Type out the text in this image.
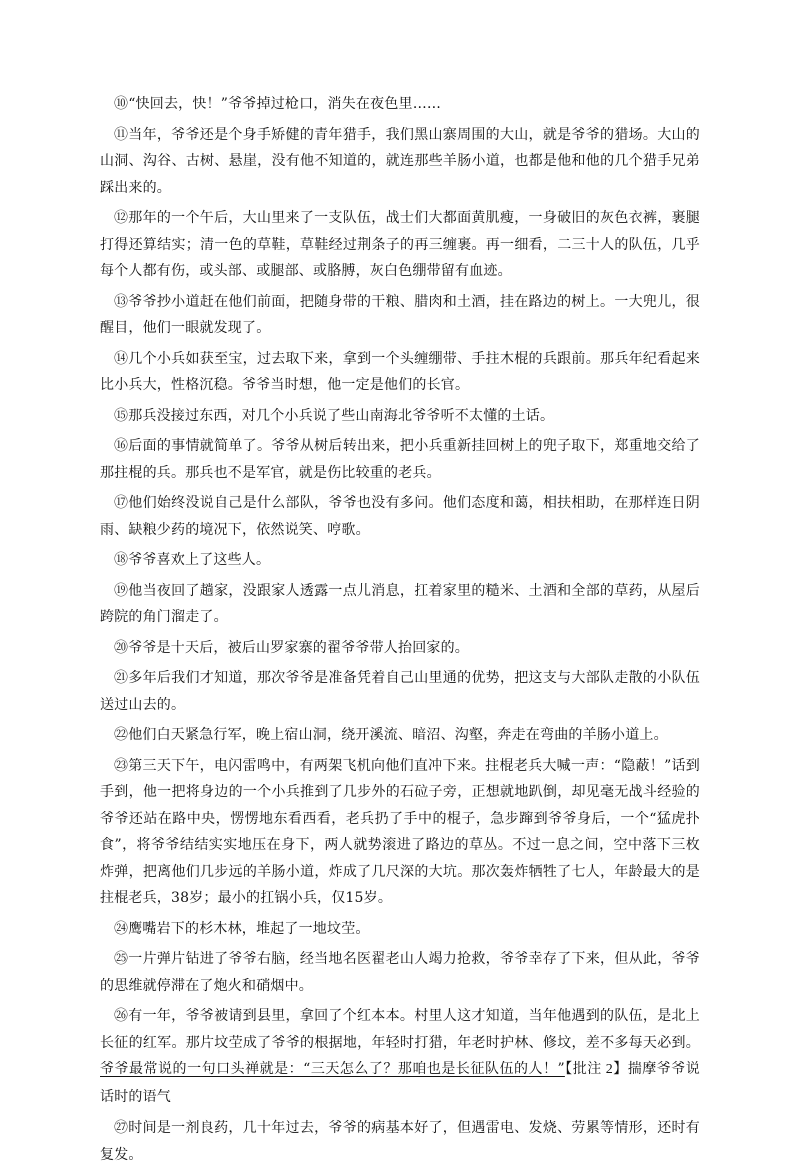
⑩“快回去，快！”爷爷掉过枪口，消失在夜色里……

⑪当年，爷爷还是个身手矫健的青年猎手，我们黑山寨周围的大山，就是爷爷的猎场。大山的山洞、沟谷、古树、悬崖，没有他不知道的，就连那些羊肠小道，也都是他和他的几个猎手兄弟踩出来的。

⑫那年的一个午后，大山里来了一支队伍，战士们大都面黄肌瘦，一身破旧的灰色衣裤，裹腿打得还算结实；清一色的草鞋，草鞋经过荆条子的再三缠裹。再一细看，二三十人的队伍，几乎每个人都有伤，或头部、或腿部、或胳膊，灰白色绷带留有血迹。

⑬爷爷抄小道赶在他们前面，把随身带的干粮、腊肉和土酒，挂在路边的树上。一大兜儿，很醒目，他们一眼就发现了。

⑭几个小兵如获至宝，过去取下来，拿到一个头缠绷带、手拄木棍的兵跟前。那兵年纪看起来比小兵大，性格沉稳。爷爷当时想，他一定是他们的长官。

⑮那兵没接过东西，对几个小兵说了些山南海北爷爷听不太懂的土话。

⑯后面的事情就简单了。爷爷从树后转出来，把小兵重新挂回树上的兜子取下，郑重地交给了那拄棍的兵。那兵也不是军官，就是伤比较重的老兵。

⑰他们始终没说自己是什么部队，爷爷也没有多问。他们态度和蔼，相扶相助，在那样连日阴雨、缺粮少药的境况下，依然说笑、哼歌。

⑱爷爷喜欢上了这些人。

⑲他当夜回了趟家，没跟家人透露一点儿消息，扛着家里的糙米、土酒和全部的草药，从屋后跨院的角门溜走了。

⑳爷爷是十天后，被后山罗家寨的翟爷爷带人抬回家的。

㉑多年后我们才知道，那次爷爷是准备凭着自己山里通的优势，把这支与大部队走散的小队伍送过山去的。

㉒他们白天紧急行军，晚上宿山洞，绕开溪流、暗沼、沟壑，奔走在弯曲的羊肠小道上。

㉓第三天下午，电闪雷鸣中，有两架飞机向他们直冲下来。拄棍老兵大喊一声：“隐蔽！”话到手到，他一把将身边的一个小兵推到了几步外的石砬子旁，正想就地趴倒，却见毫无战斗经验的爷爷还站在路中央，愣愣地东看西看，老兵扔了手中的棍子，急步蹿到爷爷身后，一个“猛虎扑食”，将爷爷结结实实地压在身下，两人就势滚进了路边的草丛。不过一息之间，空中落下三枚炸弹，把离他们几步远的羊肠小道，炸成了几尺深的大坑。那次轰炸牺牲了七人，年龄最大的是拄棍老兵，38岁；最小的扛锅小兵，仅15岁。

㉔鹰嘴岩下的杉木林，堆起了一地坟茔。

㉕一片弹片钻进了爷爷右脑，经当地名医翟老山人竭力抢救，爷爷幸存了下来，但从此，爷爷的思维就停滞在了炮火和硝烟中。

㉖有一年，爷爷被请到县里，拿回了个红本本。村里人这才知道，当年他遇到的队伍，是北上长征的红军。那片坟茔成了爷爷的根据地，年轻时打猎，年老时护林、修坟，差不多每天必到。爷爷最常说的一句口头禅就是：“三天怎么了？那咱也是长征队伍的人！”【批注 2】揣摩爷爷说话时的语气

㉗时间是一剂良药，几十年过去，爷爷的病基本好了，但遇雷电、发烧、劳累等情形，还时有复发。
